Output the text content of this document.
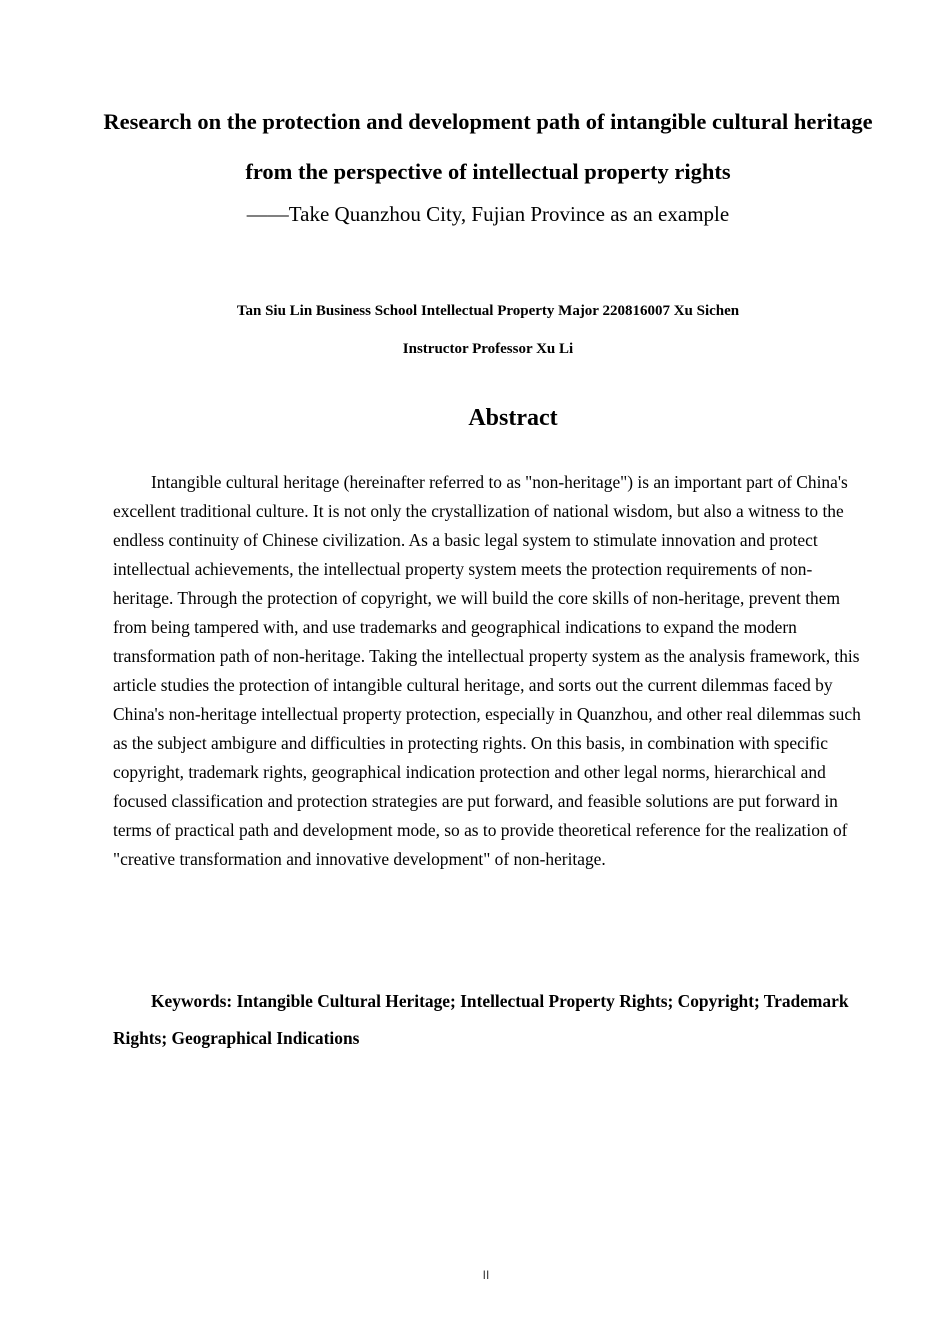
Research on the protection and development path of intangible cultural heritage from the perspective of intellectual property rights

——Take Quanzhou City, Fujian Province as an example

Tan Siu Lin Business School Intellectual Property Major 220816007 Xu Sichen

Instructor Professor Xu Li

Abstract

Intangible cultural heritage (hereinafter referred to as "non-heritage") is an important part of China's excellent traditional culture. It is not only the crystallization of national wisdom, but also a witness to the endless continuity of Chinese civilization. As a basic legal system to stimulate innovation and protect intellectual achievements, the intellectual property system meets the protection requirements of non-heritage. Through the protection of copyright, we will build the core skills of non-heritage, prevent them from being tampered with, and use trademarks and geographical indications to expand the modern transformation path of non-heritage. Taking the intellectual property system as the analysis framework, this article studies the protection of intangible cultural heritage, and sorts out the current dilemmas faced by China's non-heritage intellectual property protection, especially in Quanzhou, and other real dilemmas such as the subject ambigure and difficulties in protecting rights. On this basis, in combination with specific copyright, trademark rights, geographical indication protection and other legal norms, hierarchical and focused classification and protection strategies are put forward, and feasible solutions are put forward in terms of practical path and development mode, so as to provide theoretical reference for the realization of "creative transformation and innovative development" of non-heritage.

Keywords: Intangible Cultural Heritage; Intellectual Property Rights; Copyright; Trademark Rights; Geographical Indications

II
